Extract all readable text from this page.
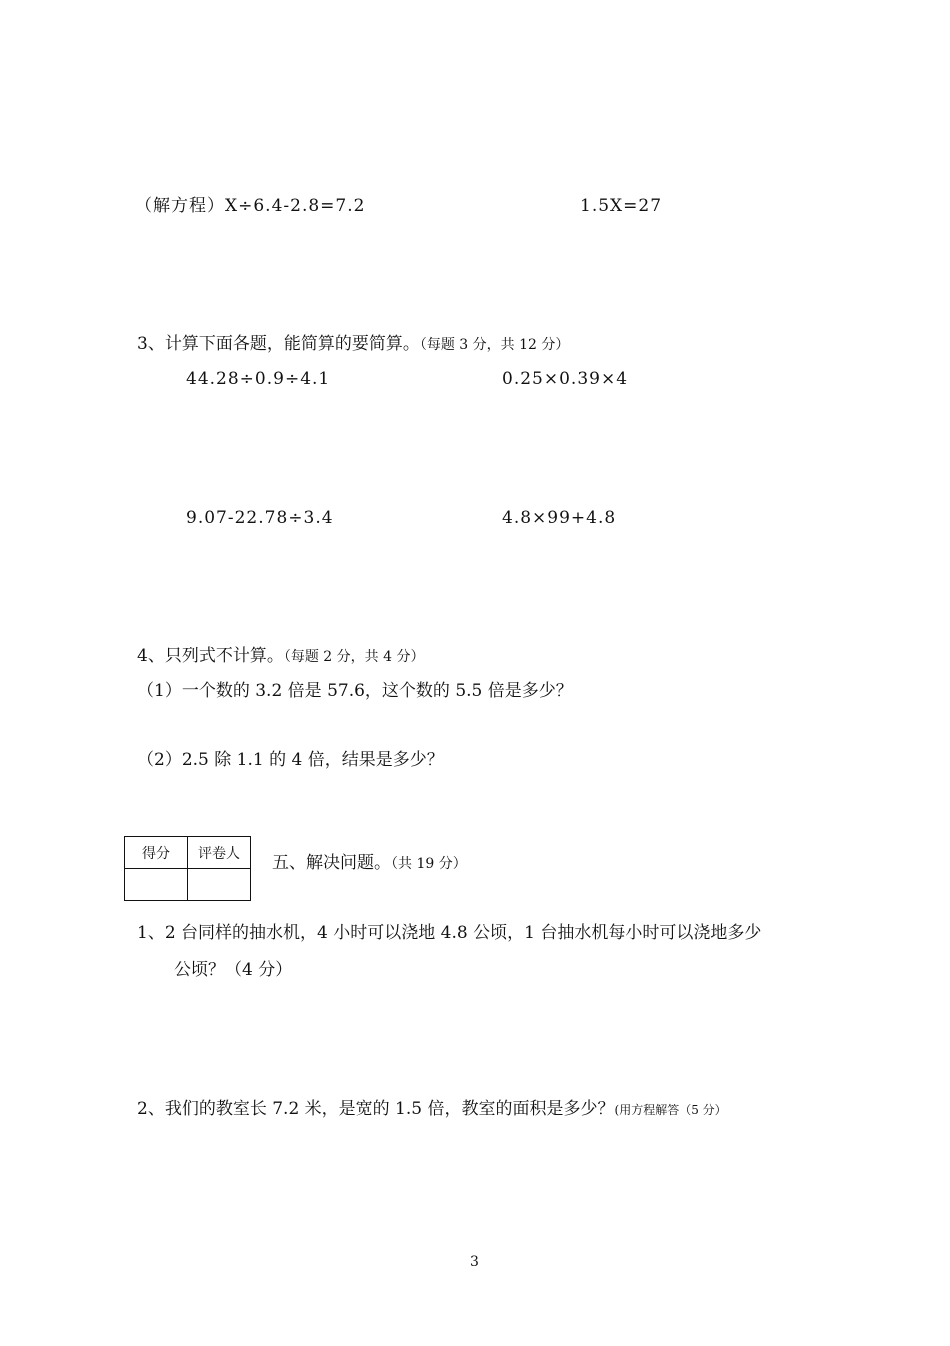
（解方程）X÷6.4-2.8=7.2	1.5X=27
3、计算下面各题，能简算的要简算。（每题 3 分，共 12 分）
44.28÷0.9÷4.1	0.25×0.39×4
9.07-22.78÷3.4	4.8×99+4.8
4、只列式不计算。（每题 2 分，共 4 分）
（1）一个数的 3.2 倍是 57.6，这个数的 5.5 倍是多少？
（2）2.5 除 1.1 的 4 倍，结果是多少？
得分	评卷人
	五、解决问题。（共 19 分）
1、2 台同样的抽水机，4 小时可以浇地 4.8 公顷，1 台抽水机每小时可以浇地多少
公顷？（4 分）
2、我们的教室长 7.2 米，是宽的 1.5 倍，教室的面积是多少？(用方程解答（5 分）
3
